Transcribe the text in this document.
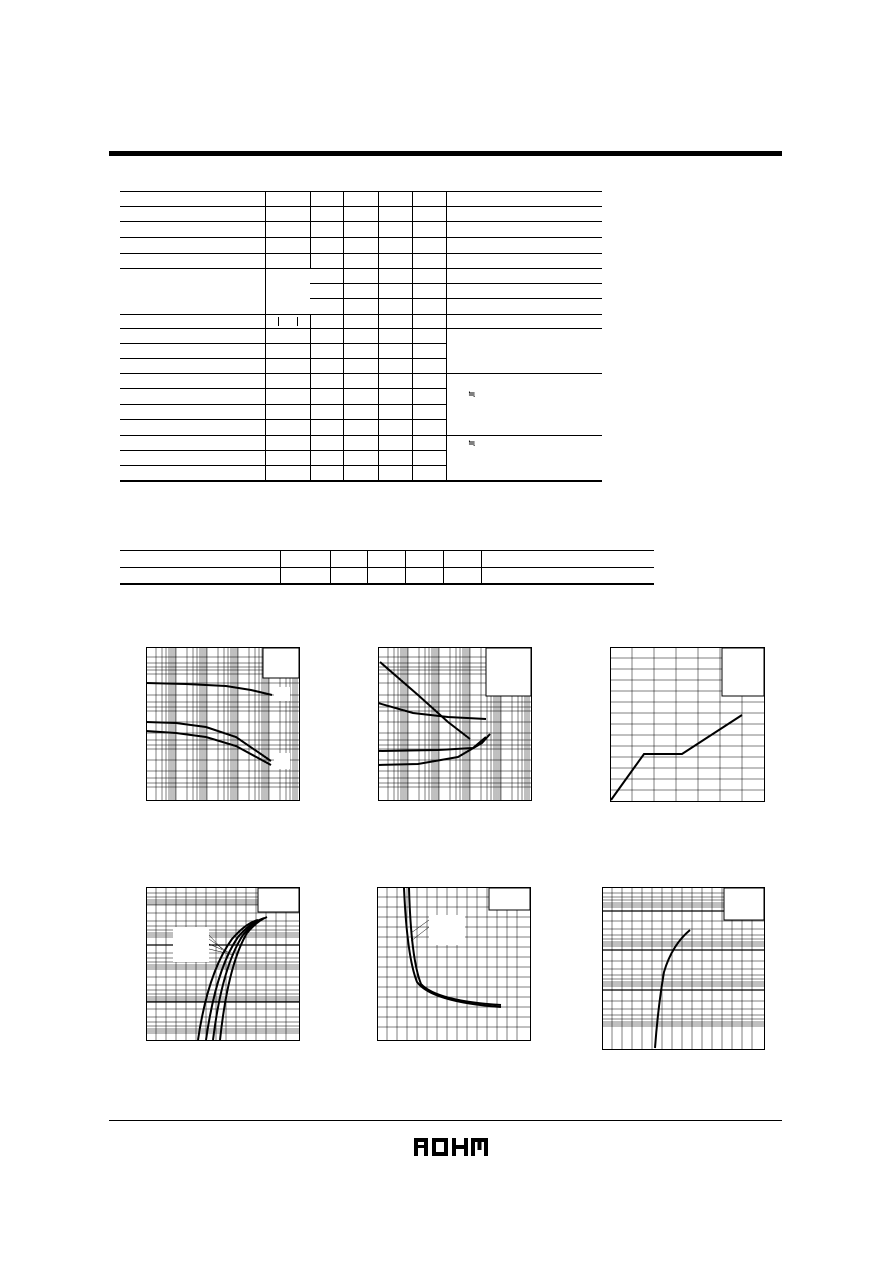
≒
≒
